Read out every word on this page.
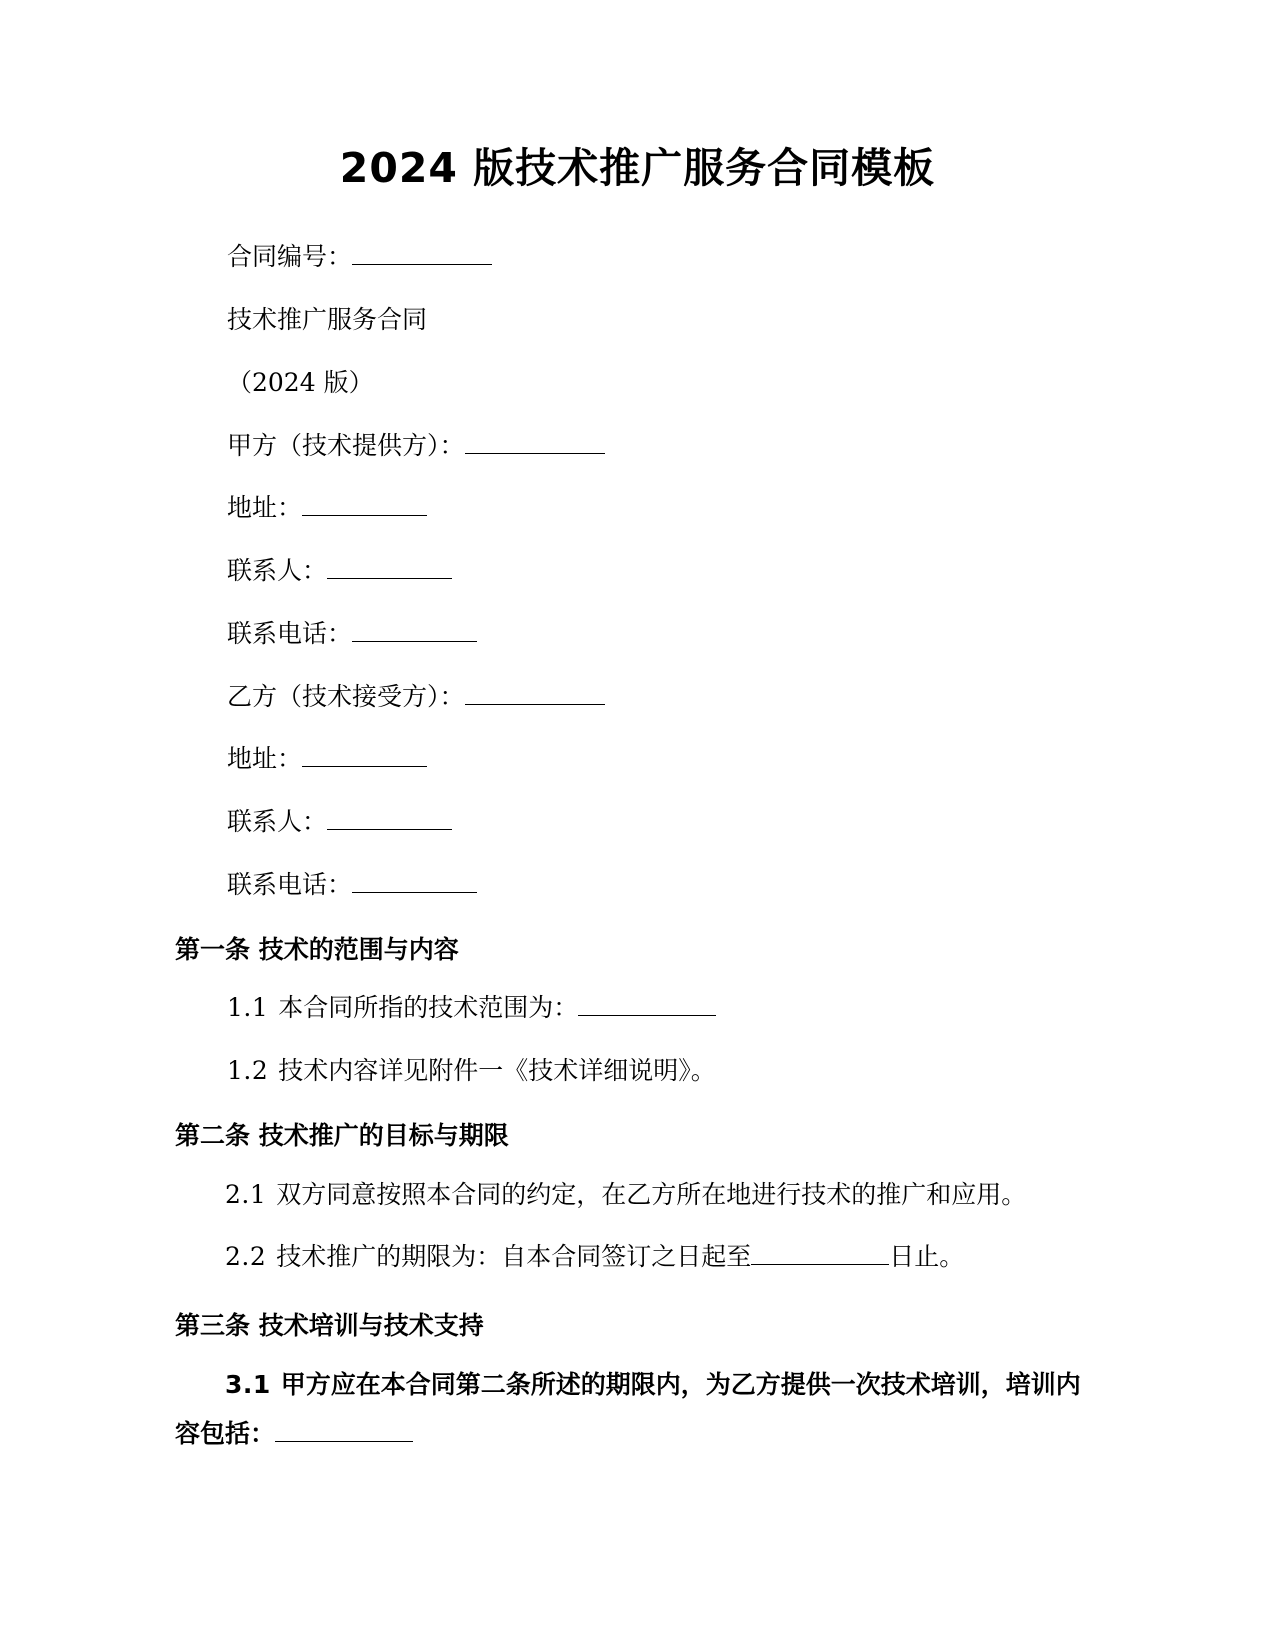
2024 版技术推广服务合同模板

合同编号：

技术推广服务合同

（2024 版）

甲方（技术提供方）：

地址：

联系人：

联系电话：

乙方（技术接受方）：

地址：

联系人：

联系电话：

第一条 技术的范围与内容

1.1 本合同所指的技术范围为：

1.2 技术内容详见附件一《技术详细说明》。

第二条 技术推广的目标与期限

2.1 双方同意按照本合同的约定，在乙方所在地进行技术的推广和应用。

2.2 技术推广的期限为：自本合同签订之日起至	日止。

第三条 技术培训与技术支持

3.1 甲方应在本合同第二条所述的期限内，为乙方提供一次技术培训，培训内容包括：
